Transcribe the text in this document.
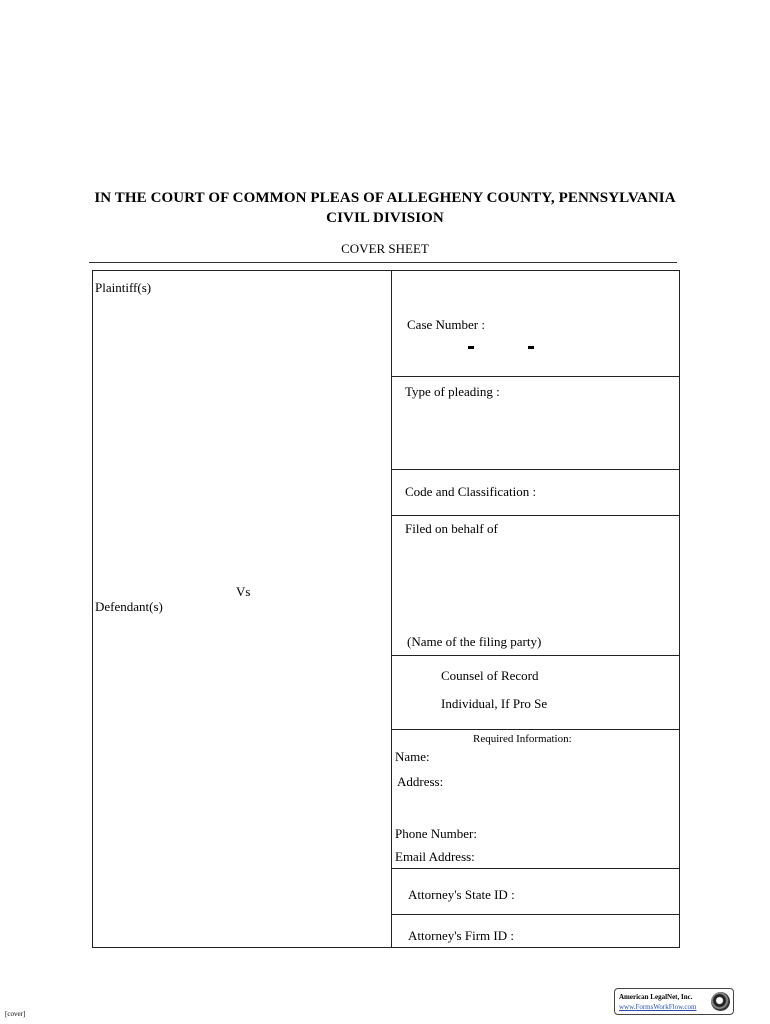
IN THE COURT OF COMMON PLEAS OF ALLEGHENY COUNTY, PENNSYLVANIA
CIVIL DIVISION
COVER SHEET
Plaintiff(s)
Vs
Defendant(s)
Case Number :
Type of pleading :
Code and Classification :
Filed on behalf of
(Name of the filing party)
Counsel of Record
Individual, If Pro Se
Required Information:
Name:
Address:
Phone Number:
Email Address:
Attorney's State ID :
Attorney's Firm ID :
American LegalNet, Inc.
www.FormsWorkFlow.com
[cover]
